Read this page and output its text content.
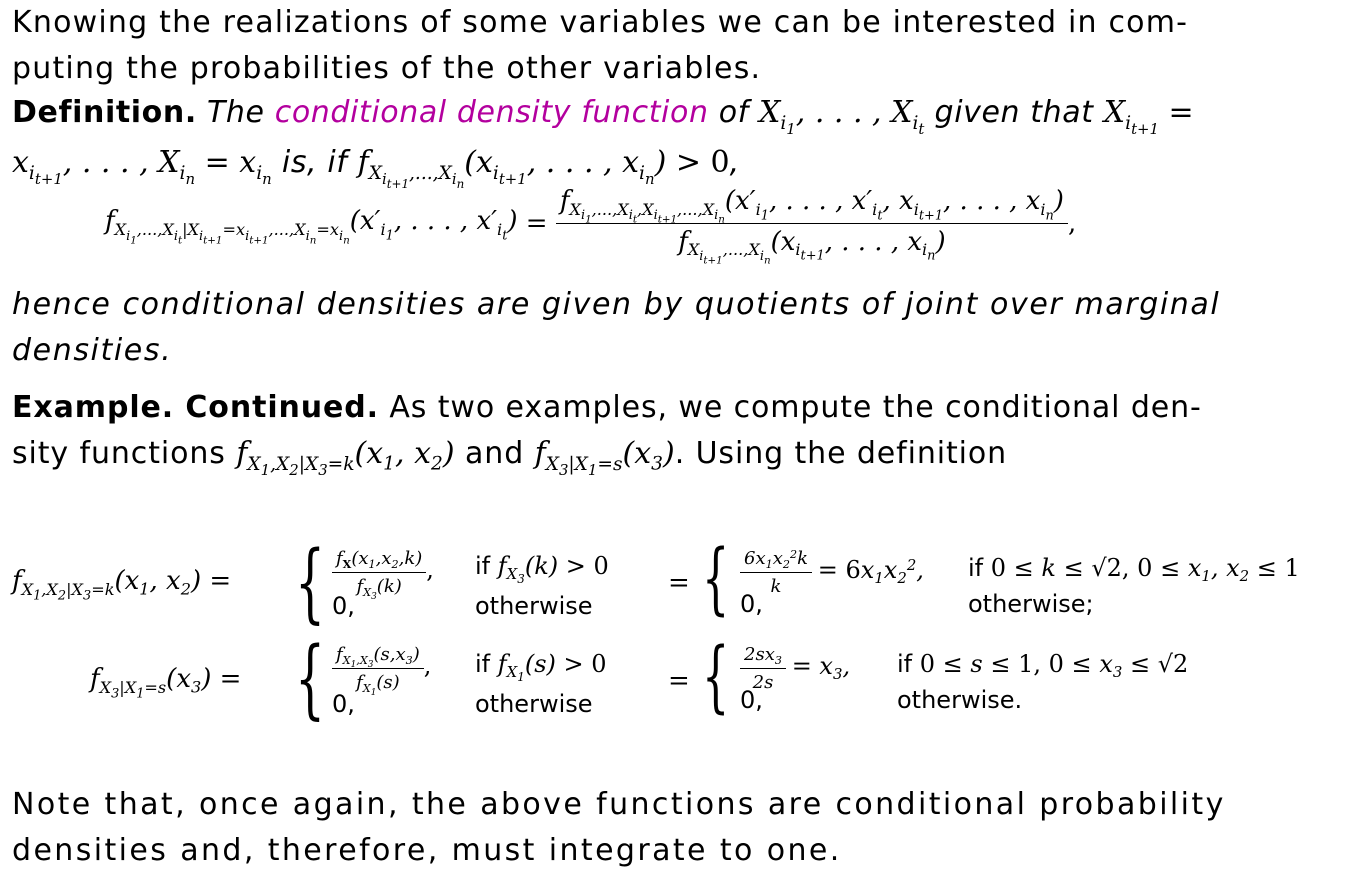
Knowing the realizations of some variables we can be interested in com-
puting the probabilities of the other variables.

Definition. The conditional density function of $X_{i_1}$, . . . , $X_{i_t}$ given that $X_{i_{t+1}}$ =
$x_{i_{t+1}}$, . . . , $X_{i_n} = x_{i_n}$ is, if $f_{X_{i_{t+1}},...,X_{i_n}}(x_{i_{t+1}}$, . . . , $x_{i_n}) > 0$,
$f_{X_{i_1},...,X_{i_t}|X_{i_{t+1}}=x_{i_{t+1}},...,X_{i_n}=x_{i_n}}(x'_{i_1}$, . . . , $x'_{i_t}$) =
$f_{X_{i_1},...,X_{i_t},X_{i_{t+1}},...,X_{i_n}}(x'_{i_1}$, . . . , $x'_{i_t}$, $x_{i_{t+1}}$, . . . , $x_{i_n}$)
$f_{X_{i_{t+1}},...,X_{i_n}}(x_{i_{t+1}}$, . . . , $x_{i_n}$)
,

hence conditional densities are given by quotients of joint over marginal
densities.

Example. Continued. As two examples, we compute the conditional den-
sity functions $f_{X_1,X_2|X_3=k}(x_1$, $x_2$) and $f_{X_3|X_1=s}(x_3)$. Using the definition
$f_{X_1,X_2|X_3=k}(x_1$, $x_2$) = { $\frac{f_X(x_1,x_2,k)}{f_{X_3}(k)}$ , if $f_{X_3}(k) > 0$
0,	otherwise
= { $\frac{6x_1x_2^2k}{k} = 6x_1x_2^2$, if 0 ≤ k ≤ √2, $0 \le x_1$, $x_2 \le 1$
0,	otherwise;
$f_{X_3|X_1=s}(x_3)$ = { $\frac{f_{X_1,X_3}(s,x_3)}{f_{X_1}(s)}$ , if $f_{X_1}(s) > 0$
0,	otherwise
= { $\frac{2sx_3}{2s} = x_3$, if 0 ≤ s ≤ 1, $0 \le x_3 \le √2$
0,	otherwise.

Note that, once again, the above functions are conditional probability
densities and, therefore, must integrate to one.
